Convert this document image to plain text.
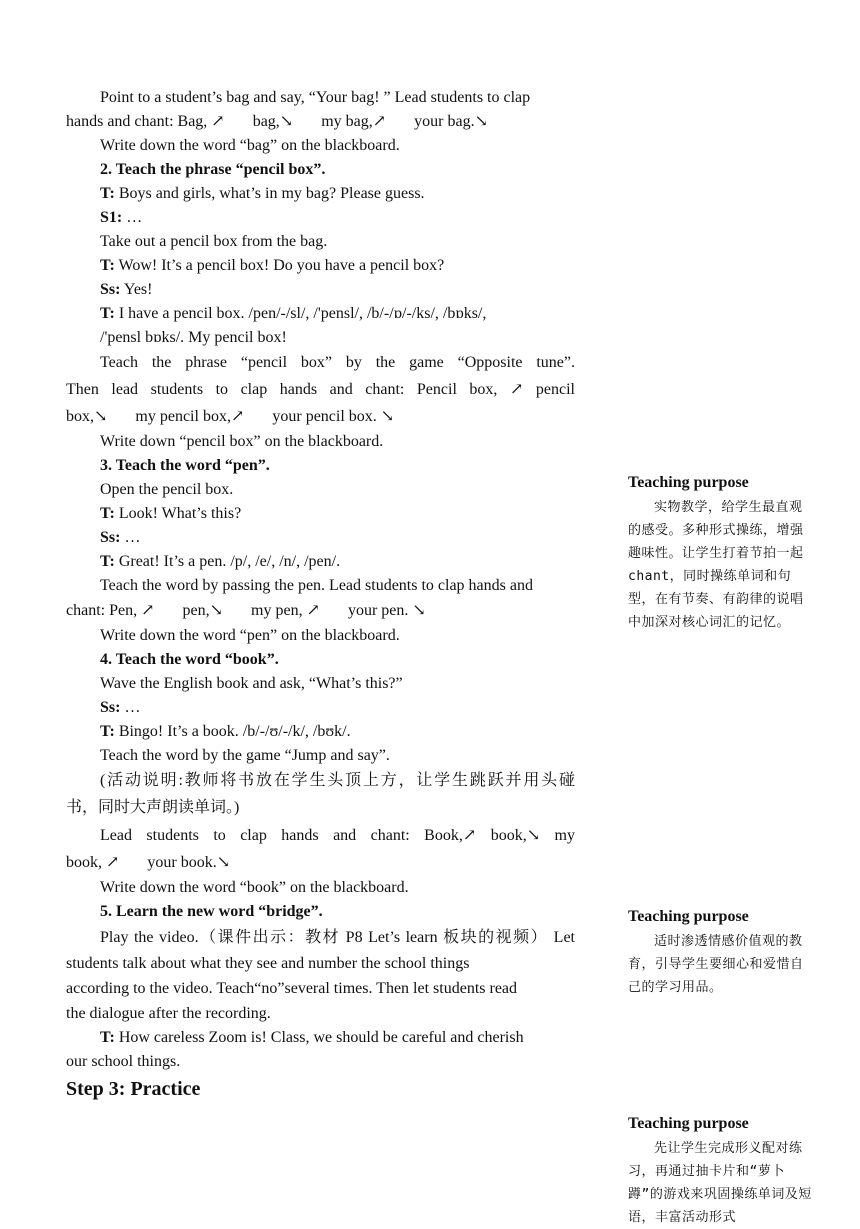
Point to a student’s bag and say, “Your bag! ” Lead students to clap

hands and chant: Bag, ↗ bag,↘ my bag,↗ your bag.↘

Write down the word “bag” on the blackboard.

2. Teach the phrase “pencil box”.

T: Boys and girls, what’s in my bag? Please guess.

S1: …

Take out a pencil box from the bag.

T: Wow! It’s a pencil box! Do you have a pencil box?

Ss: Yes!

T: I have a pencil box. /pen/-/sl/, /'pensl/, /b/-/ɒ/-/ks/, /bɒks/,

/'pensl bɒks/. My pencil box!

Teach the phrase “pencil box” by the game “Opposite tune”.

Then lead students to clap hands and chant: Pencil box, ↗ pencil

box,↘ my pencil box,↗ your pencil box. ↘

Write down “pencil box” on the blackboard.

3. Teach the word “pen”.

Open the pencil box.

T: Look! What’s this?

Ss: …

T: Great! It’s a pen. /p/, /e/, /n/, /pen/.

Teach the word by passing the pen. Lead students to clap hands and

chant: Pen, ↗ pen,↘ my pen, ↗ your pen. ↘

Write down the word “pen” on the blackboard.

4. Teach the word “book”.

Wave the English book and ask, “What’s this?”

Ss: …

T: Bingo! It’s a book. /b/-/ʊ/-/k/, /bʊk/.

Teach the word by the game “Jump and say”.

(活动说明:教师将书放在学生头顶上方，让学生跳跃并用头碰

书，同时大声朗读单词。)

Lead students to clap hands and chant: Book,↗ book,↘ my

book, ↗ your book.↘

Write down the word “book” on the blackboard.

5. Learn the new word “bridge”.

Play the video.（课件出示：教材 P8 Let’s learn 板块的视频） Let

students talk about what they see and number the school things

according to the video. Teach“no”several times. Then let students read

the dialogue after the recording.

T: How careless Zoom is! Class, we should be careful and cherish

our school things.

Step 3: Practice

Teaching purpose

实物教学，给学生最直观的感受。多种形式操练，增强趣味性。让学生打着节拍一起 chant，同时操练单词和句型，在有节奏、有韵律的说唱中加深对核心词汇的记忆。

Teaching purpose

适时渗透情感价值观的教育，引导学生要细心和爱惜自己的学习用品。

Teaching purpose

先让学生完成形义配对练习，再通过抽卡片和“萝卜蹲”的游戏来巩固操练单词及短语，丰富活动形式
